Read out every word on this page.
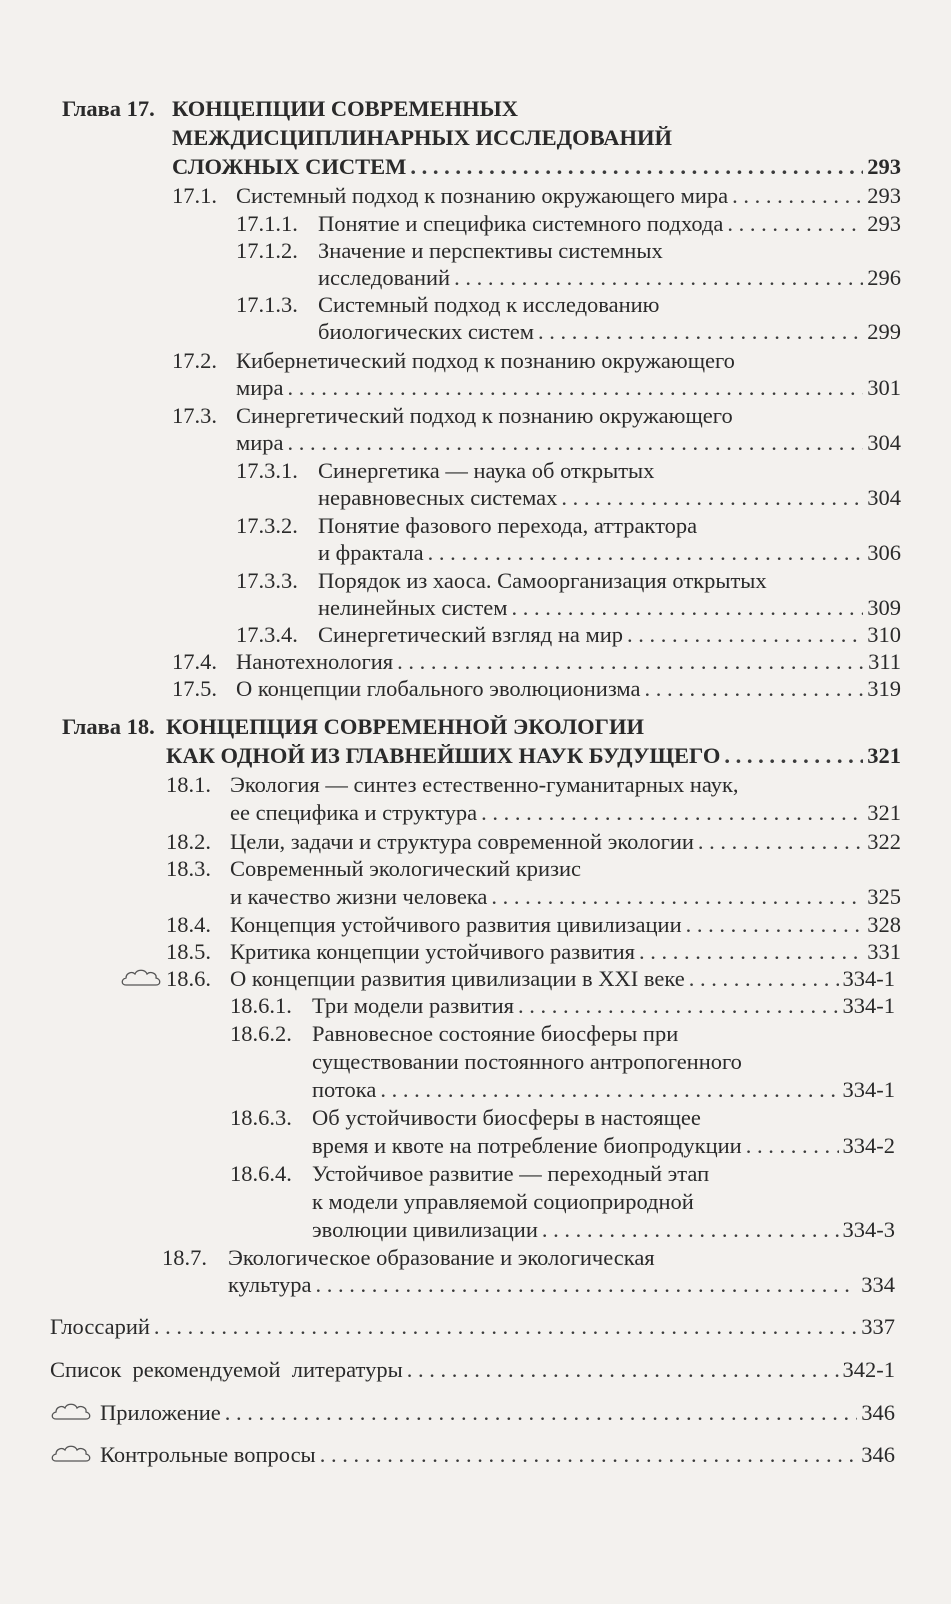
Глава 17. КОНЦЕПЦИИ СОВРЕМЕННЫХ
МЕЖДИСЦИПЛИНАРНЫХ ИССЛЕДОВАНИЙ
СЛОЖНЫХ СИСТЕМ . . .	293
17.1. Системный подход к познанию окружающего мира . . .	293
17.1.1. Понятие и специфика системного подхода . . .	293
17.1.2. Значение и перспективы системных
исследований . . .	296
17.1.3. Системный подход к исследованию
биологических систем . . .	299
17.2. Кибернетический подход к познанию окружающего
мира . . .	301
17.3. Синергетический подход к познанию окружающего
мира . . .	304
17.3.1. Синергетика — наука об открытых
неравновесных системах . . .	304
17.3.2. Понятие фазового перехода, аттрактора
и фрактала . . .	306
17.3.3. Порядок из хаоса. Самоорганизация открытых
нелинейных систем . . .	309
17.3.4. Синергетический взгляд на мир . . .	310
17.4. Нанотехнология . . .	311
17.5. О концепции глобального эволюционизма . . .	319
Глава 18. КОНЦЕПЦИЯ СОВРЕМЕННОЙ ЭКОЛОГИИ
КАК ОДНОЙ ИЗ ГЛАВНЕЙШИХ НАУК БУДУЩЕГО . . .	321
18.1. Экология — синтез естественно-гуманитарных наук,
ее специфика и структура . . .	321
18.2. Цели, задачи и структура современной экологии . . .	322
18.3. Современный экологический кризис
и качество жизни человека . . .	325
18.4. Концепция устойчивого развития цивилизации . . .	328
18.5. Критика концепции устойчивого развития . . .	331
18.6. О концепции развития цивилизации в XXI веке . . .	334-1
18.6.1. Три модели развития . . .	334-1
18.6.2. Равновесное состояние биосферы при
существовании постоянного антропогенного
потока . . .	334-1
18.6.3. Об устойчивости биосферы в настоящее
время и квоте на потребление биопродукции . . .	334-2
18.6.4. Устойчивое развитие — переходный этап
к модели управляемой социоприродной
эволюции цивилизации . . .	334-3
18.7. Экологическое образование и экологическая
культура . . .	334
Глоссарий . . .	337
Список  рекомендуемой  литературы . . .	342-1
Приложение . . .	346
Контрольные вопросы . . .	346
